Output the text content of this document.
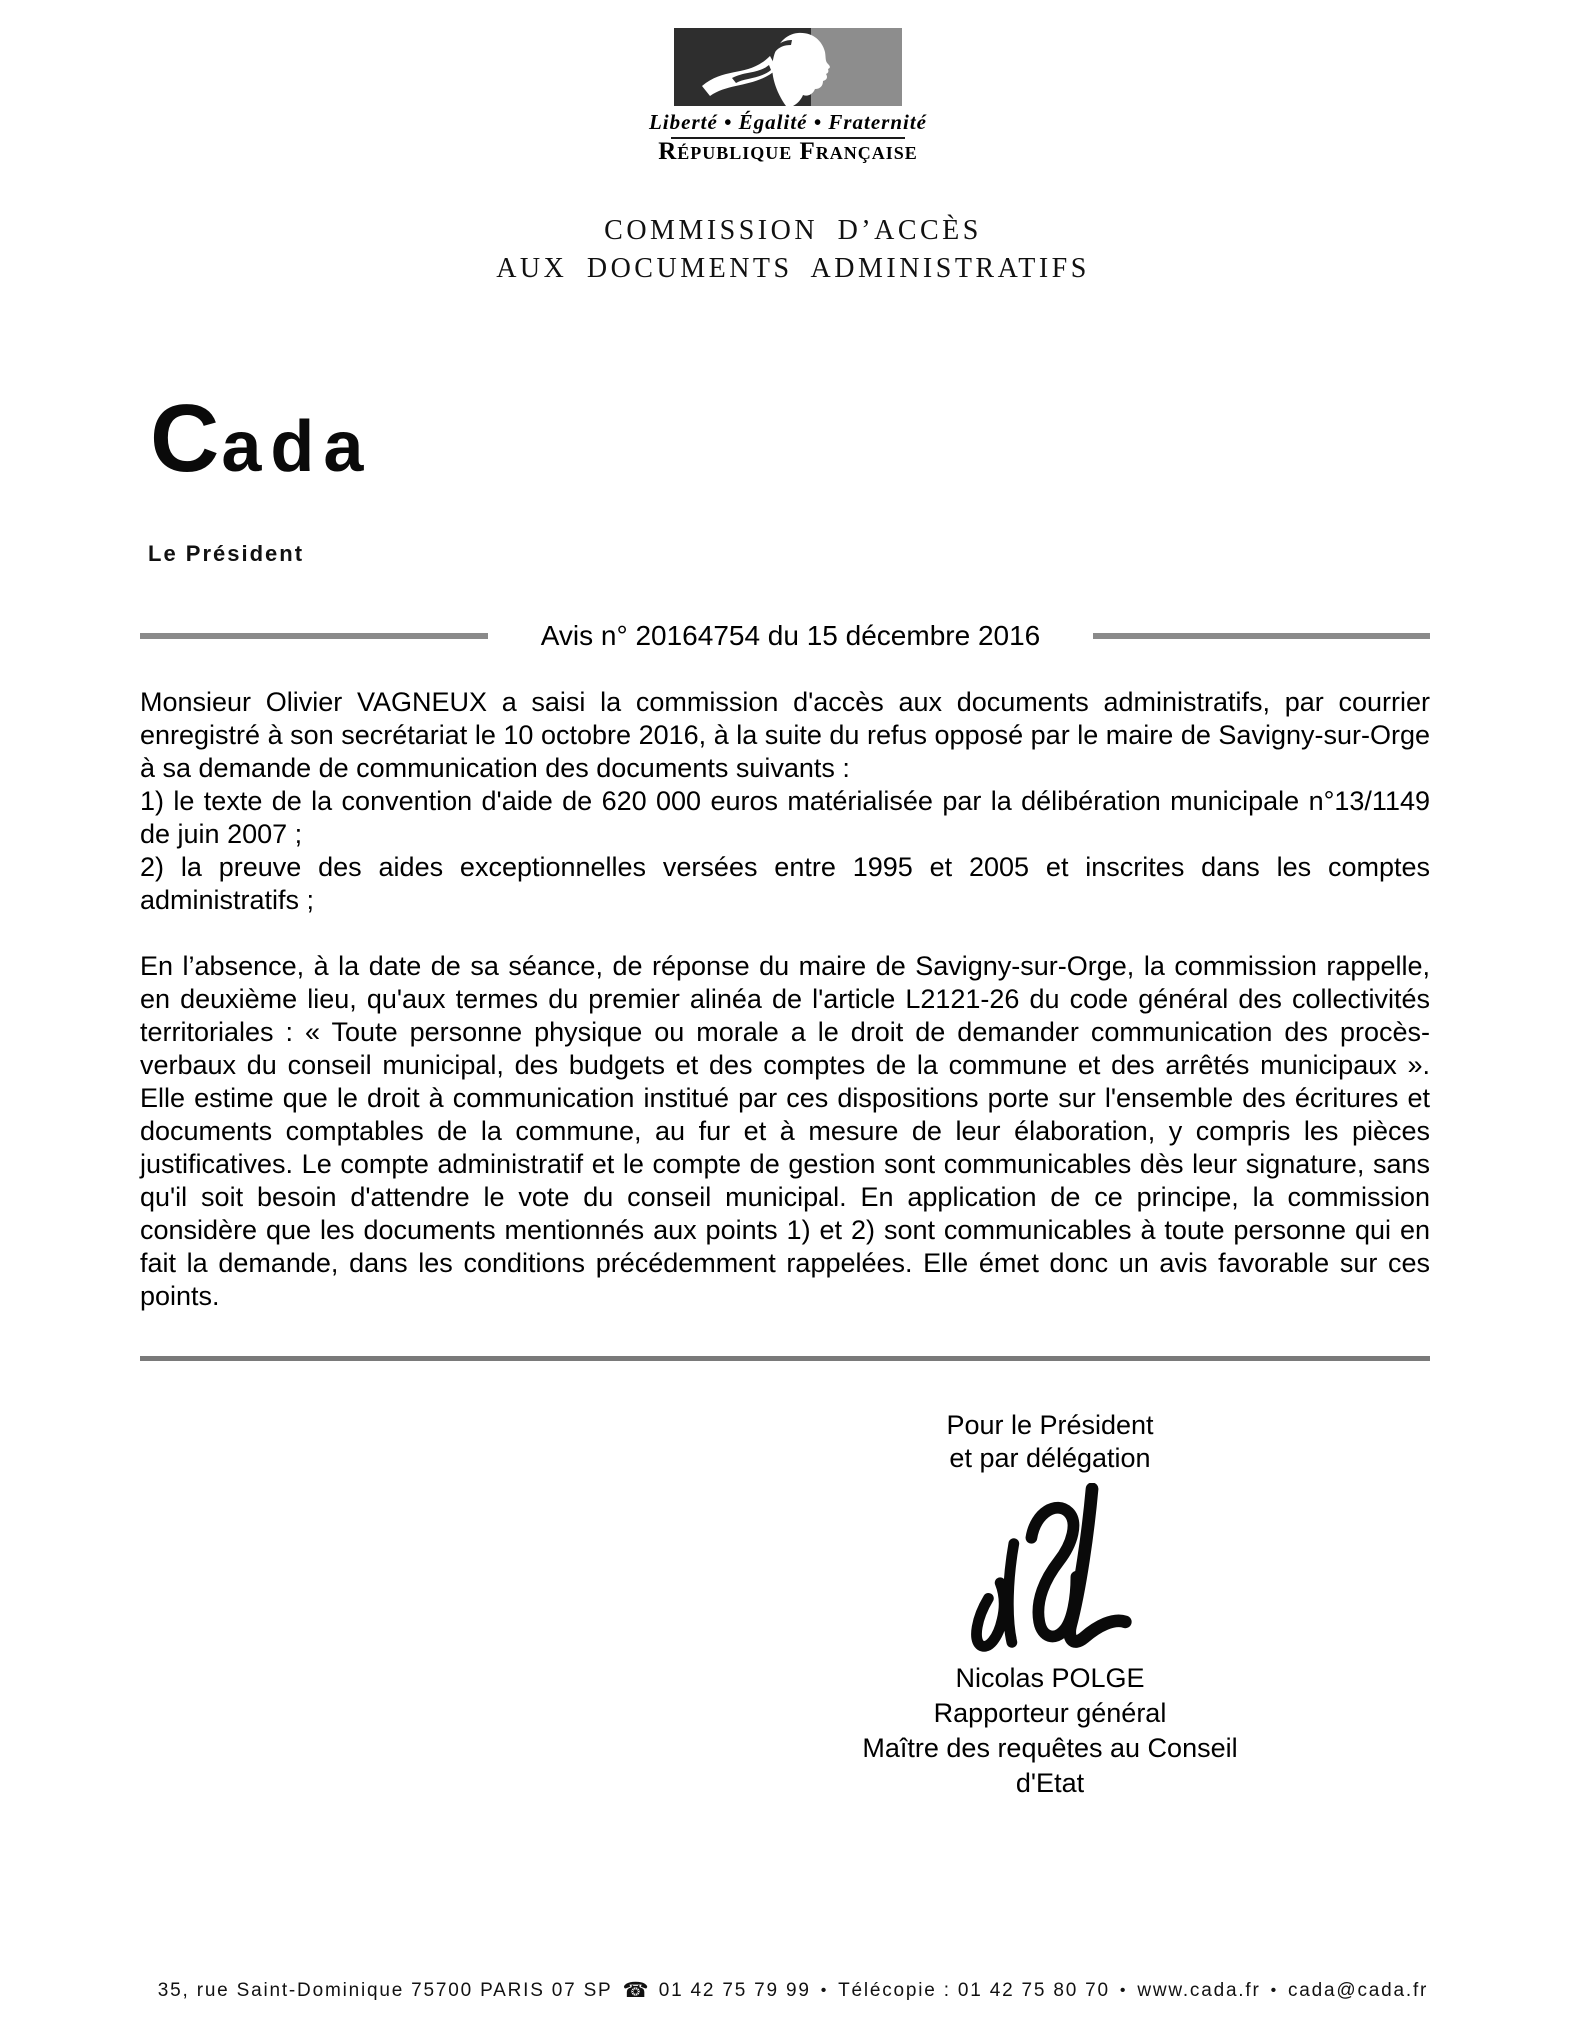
Liberté • Égalité • Fraternité
République Française
COMMISSION D’ACCÈS
AUX DOCUMENTS ADMINISTRATIFS
C ada
Le Président
Avis n° 20164754 du 15 décembre 2016

Monsieur Olivier VAGNEUX a saisi la commission d'accès aux documents administratifs, par courrier enregistré à son secrétariat le 10 octobre 2016, à la suite du refus opposé par le maire de Savigny-sur-Orge à sa demande de communication des documents suivants :

1) le texte de la convention d'aide de 620 000 euros matérialisée par la délibération municipale n°13/1149 de juin 2007 ;

2) la preuve des aides exceptionnelles versées entre 1995 et 2005 et inscrites dans les comptes administratifs ;

En l’absence, à la date de sa séance, de réponse du maire de Savigny-sur-Orge, la commission rappelle, en deuxième lieu, qu'aux termes du premier alinéa de l'article L2121-26 du code général des collectivités territoriales : « Toute personne physique ou morale a le droit de demander communication des procès-verbaux du conseil municipal, des budgets et des comptes de la commune et des arrêtés municipaux ». Elle estime que le droit à communication institué par ces dispositions porte sur l'ensemble des écritures et documents comptables de la commune, au fur et à mesure de leur élaboration, y compris les pièces justificatives. Le compte administratif et le compte de gestion sont communicables dès leur signature, sans qu'il soit besoin d'attendre le vote du conseil municipal. En application de ce principe, la commission considère que les documents mentionnés aux points 1) et 2) sont communicables à toute personne qui en fait la demande, dans les conditions précédemment rappelées. Elle émet donc un avis favorable sur ces points.

Pour le Président
et par délégation
Nicolas POLGE
Rapporteur général
Maître des requêtes au Conseil d'Etat
35, rue Saint-Dominique 75700 PARIS 07 SP ☎ 01 42 75 79 99 • Télécopie : 01 42 75 80 70 • www.cada.fr • cada@cada.fr
